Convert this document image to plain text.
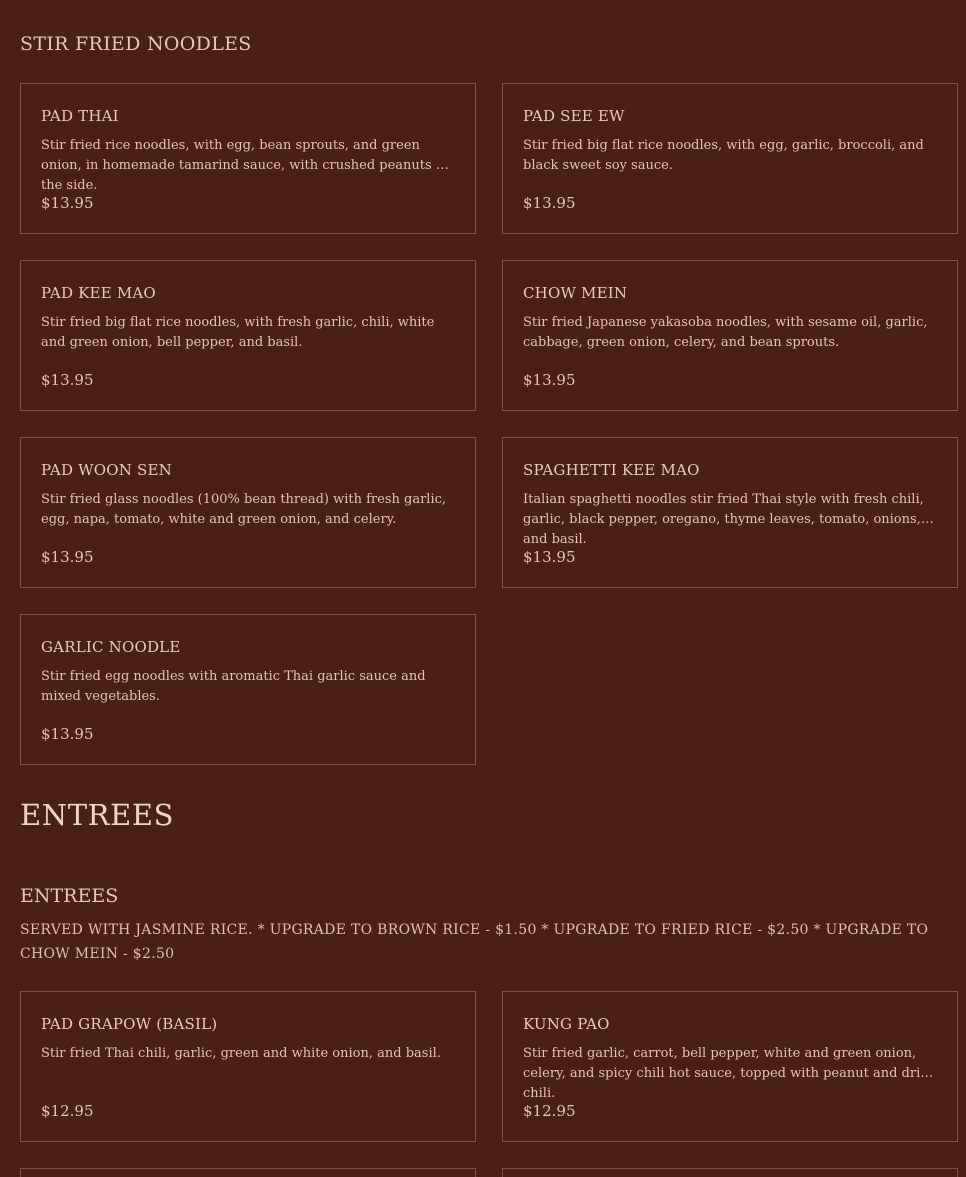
STIR FRIED NOODLES
PAD THAI
Stir fried rice noodles, with egg, bean sprouts, and green onion, in homemade tamarind sauce, with crushed peanuts on the side.
$13.95
PAD SEE EW
Stir fried big flat rice noodles, with egg, garlic, broccoli, and black sweet soy sauce.
$13.95
PAD KEE MAO
Stir fried big flat rice noodles, with fresh garlic, chili, white and green onion, bell pepper, and basil.
$13.95
CHOW MEIN
Stir fried Japanese yakasoba noodles, with sesame oil, garlic, cabbage, green onion, celery, and bean sprouts.
$13.95
PAD WOON SEN
Stir fried glass noodles (100% bean thread) with fresh garlic, egg, napa, tomato, white and green onion, and celery.
$13.95
SPAGHETTI KEE MAO
Italian spaghetti noodles stir fried Thai style with fresh chili, garlic, black pepper, oregano, thyme leaves, tomato, onions, and basil.
$13.95
GARLIC NOODLE
Stir fried egg noodles with aromatic Thai garlic sauce and mixed vegetables.
$13.95
ENTREES
ENTREES
SERVED WITH JASMINE RICE. * UPGRADE TO BROWN RICE - $1.50 * UPGRADE TO FRIED RICE - $2.50 * UPGRADE TO CHOW MEIN - $2.50
PAD GRAPOW (BASIL)
Stir fried Thai chili, garlic, green and white onion, and basil.
$12.95
KUNG PAO
Stir fried garlic, carrot, bell pepper, white and green onion, celery, and spicy chili hot sauce, topped with peanut and dried chili.
$12.95
